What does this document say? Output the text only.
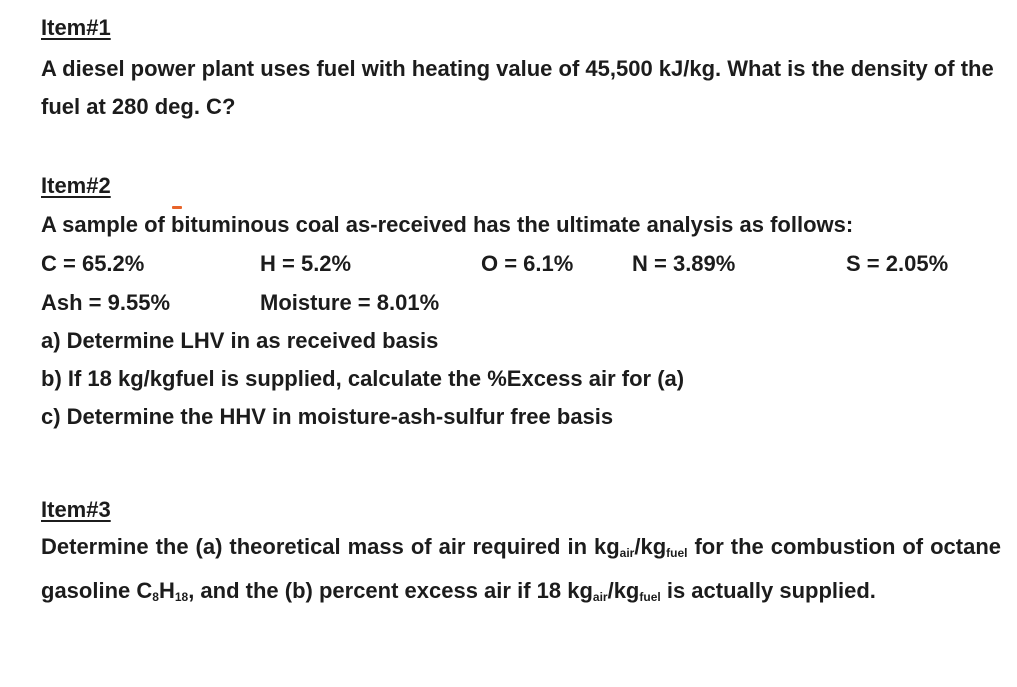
Item#1

A diesel power plant uses fuel with heating value of 45,500 kJ/kg. What is the density of the fuel at 280 deg. C?

Item#2

A sample of bituminous coal as-received has the ultimate analysis as follows:

C = 65.2%	H = 5.2%	O = 6.1%	N = 3.89%	S = 2.05%
Ash = 9.55%	Moisture = 8.01%

a) Determine LHV in as received basis

b) If 18 kg/kgfuel is supplied, calculate the %Excess air for (a)

c) Determine the HHV in moisture-ash-sulfur free basis

Item#3

Determine the (a) theoretical mass of air required in $kg_{air}/kg_{fuel}$ for the combustion of octane gasoline $C_8H_{18}$, and the (b) percent excess air if 18 $kg_{air}/kg_{fuel}$ is actually supplied.
